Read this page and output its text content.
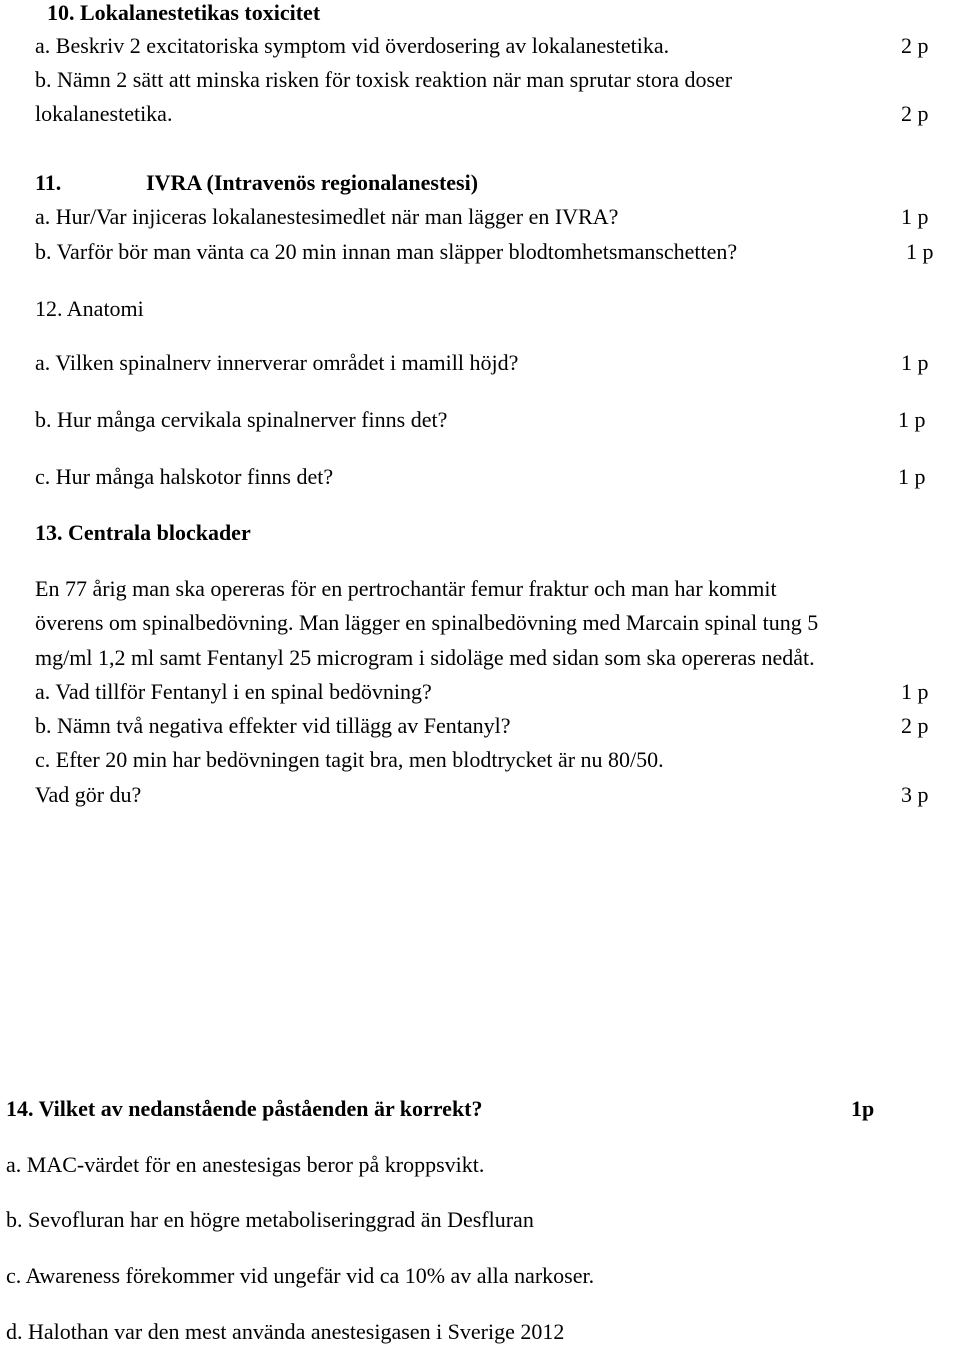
10. Lokalanestetikas toxicitet
a. Beskriv 2 excitatoriska symptom vid överdosering av lokalanestetika.	2 p
b. Nämn 2 sätt att minska risken för toxisk reaktion när man sprutar stora doser
lokalanestetika.	2 p
11.	IVRA (Intravenös regionalanestesi)
a. Hur/Var injiceras lokalanestesimedlet när man lägger en IVRA?	1 p
b. Varför bör man vänta ca 20 min innan man släpper blodtomhetsmanschetten?	1 p
12. Anatomi
a. Vilken spinalnerv innerverar området i mamill höjd?	1 p
b. Hur många cervikala spinalnerver finns det?	1 p
c. Hur många halskotor finns det?	1 p
13. Centrala blockader
En 77 årig man ska opereras för en pertrochantär femur fraktur och man har kommit
överens om spinalbedövning. Man lägger en spinalbedövning med Marcain spinal tung 5
mg/ml 1,2 ml samt Fentanyl 25 microgram i sidoläge med sidan som ska opereras nedåt.
a. Vad tillför Fentanyl i en spinal bedövning?	1 p
b. Nämn två negativa effekter vid tillägg av Fentanyl?	2 p
c. Efter 20 min har bedövningen tagit bra, men blodtrycket är nu 80/50.
Vad gör du?	3 p
14. Vilket av nedanstående påståenden är korrekt?	1p
a. MAC-värdet för en anestesigas beror på kroppsvikt.
b. Sevofluran har en högre metaboliseringgrad än Desfluran
c. Awareness förekommer vid ungefär vid ca 10% av alla narkoser.
d. Halothan var den mest använda anestesigasen i Sverige 2012
